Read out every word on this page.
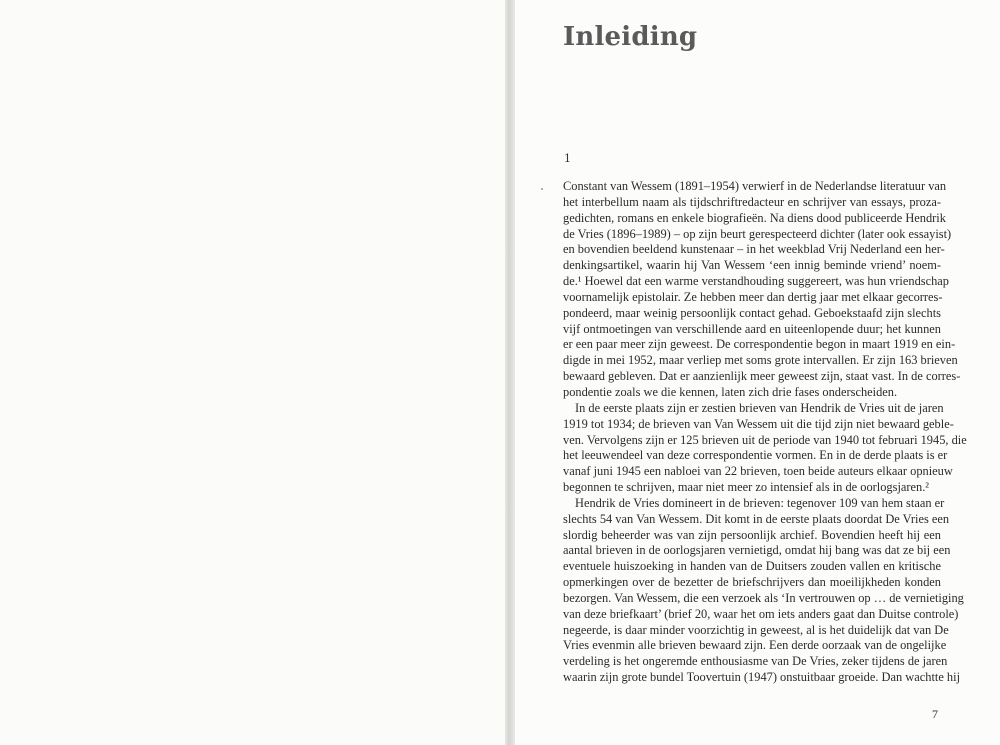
Inleiding
1
Constant van Wessem (1891–1954) verwierf in de Nederlandse literatuur van
het interbellum naam als tijdschriftredacteur en schrijver van essays, proza-
gedichten, romans en enkele biografieën. Na diens dood publiceerde Hendrik
de Vries (1896–1989) – op zijn beurt gerespecteerd dichter (later ook essayist)
en bovendien beeldend kunstenaar – in het weekblad Vrij Nederland een her-
denkingsartikel, waarin hij Van Wessem ‘een innig beminde vriend’ noem-
de.¹ Hoewel dat een warme verstandhouding suggereert, was hun vriendschap
voornamelijk epistolair. Ze hebben meer dan dertig jaar met elkaar gecorres-
pondeerd, maar weinig persoonlijk contact gehad. Geboekstaafd zijn slechts
vijf ontmoetingen van verschillende aard en uiteenlopende duur; het kunnen
er een paar meer zijn geweest. De correspondentie begon in maart 1919 en ein-
digde in mei 1952, maar verliep met soms grote intervallen. Er zijn 163 brieven
bewaard gebleven. Dat er aanzienlijk meer geweest zijn, staat vast. In de corres-
pondentie zoals we die kennen, laten zich drie fases onderscheiden.
In de eerste plaats zijn er zestien brieven van Hendrik de Vries uit de jaren
1919 tot 1934; de brieven van Van Wessem uit die tijd zijn niet bewaard geble-
ven. Vervolgens zijn er 125 brieven uit de periode van 1940 tot februari 1945, die
het leeuwendeel van deze correspondentie vormen. En in de derde plaats is er
vanaf juni 1945 een nabloei van 22 brieven, toen beide auteurs elkaar opnieuw
begonnen te schrijven, maar niet meer zo intensief als in de oorlogsjaren.²
Hendrik de Vries domineert in de brieven: tegenover 109 van hem staan er
slechts 54 van Van Wessem. Dit komt in de eerste plaats doordat De Vries een
slordig beheerder was van zijn persoonlijk archief. Bovendien heeft hij een
aantal brieven in de oorlogsjaren vernietigd, omdat hij bang was dat ze bij een
eventuele huiszoeking in handen van de Duitsers zouden vallen en kritische
opmerkingen over de bezetter de briefschrijvers dan moeilijkheden konden
bezorgen. Van Wessem, die een verzoek als ‘In vertrouwen op … de vernietiging
van deze briefkaart’ (brief 20, waar het om iets anders gaat dan Duitse controle)
negeerde, is daar minder voorzichtig in geweest, al is het duidelijk dat van De
Vries evenmin alle brieven bewaard zijn. Een derde oorzaak van de ongelijke
verdeling is het ongeremde enthousiasme van De Vries, zeker tijdens de jaren
waarin zijn grote bundel Toovertuin (1947) onstuitbaar groeide. Dan wachtte hij
7
